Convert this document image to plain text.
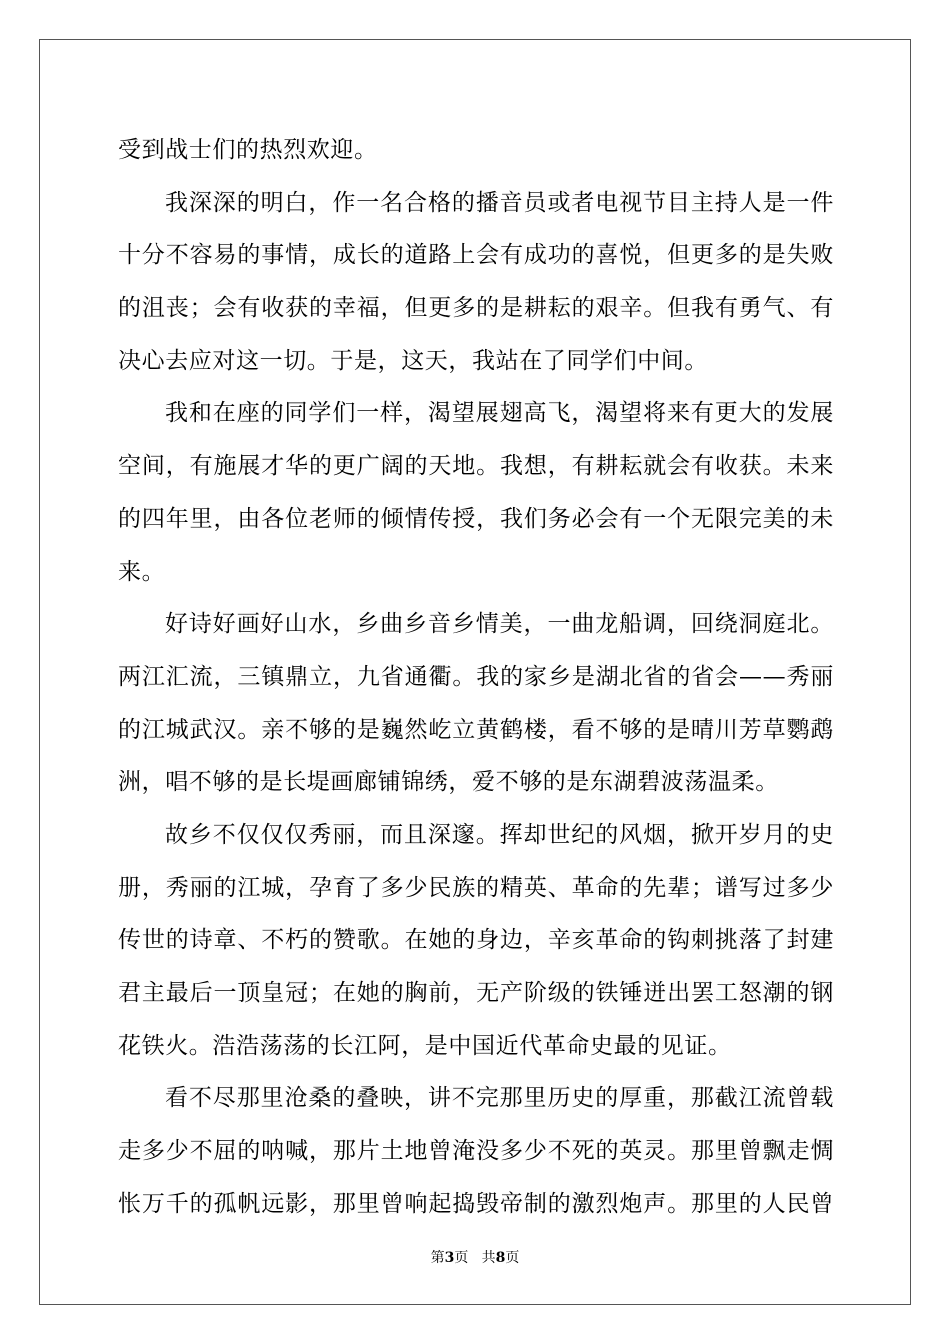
受到战士们的热烈欢迎。
我深深的明白，作一名合格的播音员或者电视节目主持人是一件
十分不容易的事情，成长的道路上会有成功的喜悦，但更多的是失败
的沮丧；会有收获的幸福，但更多的是耕耘的艰辛。但我有勇气、有
决心去应对这一切。于是，这天，我站在了同学们中间。
我和在座的同学们一样，渴望展翅高飞，渴望将来有更大的发展
空间，有施展才华的更广阔的天地。我想，有耕耘就会有收获。未来
的四年里，由各位老师的倾情传授，我们务必会有一个无限完美的未
来。
好诗好画好山水，乡曲乡音乡情美，一曲龙船调，回绕洞庭北。
两江汇流，三镇鼎立，九省通衢。我的家乡是湖北省的省会——秀丽
的江城武汉。亲不够的是巍然屹立黄鹤楼，看不够的是晴川芳草鹦鹉
洲，唱不够的是长堤画廊铺锦绣，爱不够的是东湖碧波荡温柔。
故乡不仅仅仅秀丽，而且深邃。挥却世纪的风烟，掀开岁月的史
册，秀丽的江城，孕育了多少民族的精英、革命的先辈；谱写过多少
传世的诗章、不朽的赞歌。在她的身边，辛亥革命的钩刺挑落了封建
君主最后一顶皇冠；在她的胸前，无产阶级的铁锤迸出罢工怒潮的钢
花铁火。浩浩荡荡的长江阿，是中国近代革命史最的见证。
看不尽那里沧桑的叠映，讲不完那里历史的厚重，那截江流曾载
走多少不屈的呐喊，那片土地曾淹没多少不死的英灵。那里曾飘走惆
怅万千的孤帆远影，那里曾响起捣毁帝制的激烈炮声。那里的人民曾
第3页 共8页
